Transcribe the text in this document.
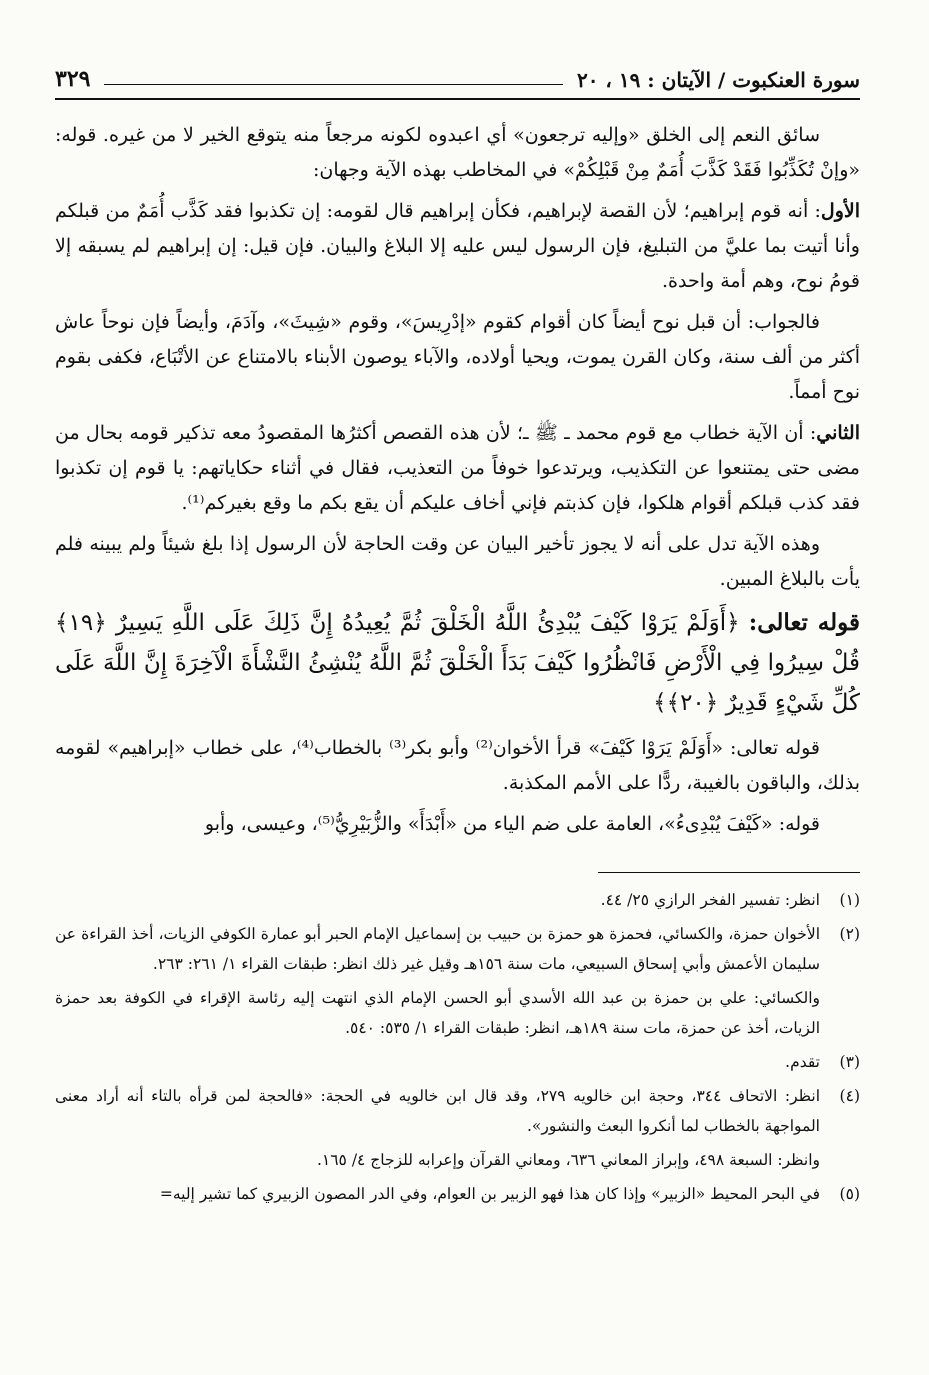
سورة العنكبوت / الآيتان : ١٩ ، ٢٠
٣٢٩

سائق النعم إلى الخلق «وإليه ترجعون» أي اعبدوه لكونه مرجعاً منه يتوقع الخير لا من غيره. قوله: «وإنْ تُكَذِّبُوا فَقَدْ كَذَّبَ أُمَمٌ مِنْ قَبْلِكُمْ» في المخاطب بهذه الآية وجهان:

الأول: أنه قوم إبراهيم؛ لأن القصة لإبراهيم، فكأن إبراهيم قال لقومه: إن تكذبوا فقد كَذَّب أُمَمٌ من قبلكم وأنا أتيت بما عليَّ من التبليغ، فإن الرسول ليس عليه إلا البلاغ والبيان. فإن قيل: إن إبراهيم لم يسبقه إلا قومُ نوح، وهم أمة واحدة.

فالجواب: أن قبل نوح أيضاً كان أقوام كقوم «إدْرِيسَ»، وقوم «شِيثَ»، وآدَمَ، وأيضاً فإن نوحاً عاش أكثر من ألف سنة، وكان القرن يموت، ويحيا أولاده، والآباء يوصون الأبناء بالامتناع عن الأتْبَاع، فكفى بقوم نوح أمماً.

الثاني: أن الآية خطاب مع قوم محمد ـ ﷺ ـ؛ لأن هذه القصص أكثرُها المقصودُ معه تذكير قومه بحال من مضى حتى يمتنعوا عن التكذيب، ويرتدعوا خوفاً من التعذيب، فقال في أثناء حكاياتهم: يا قوم إن تكذبوا فقد كذب قبلكم أقوام هلكوا، فإن كذبتم فإني أخاف عليكم أن يقع بكم ما وقع بغيركم⁽¹⁾.

وهذه الآية تدل على أنه لا يجوز تأخير البيان عن وقت الحاجة لأن الرسول إذا بلغ شيئاً ولم يبينه فلم يأت بالبلاغ المبين.

قوله تعالى: ﴿أَوَلَمْ يَرَوْا كَيْفَ يُبْدِئُ اللَّهُ الْخَلْقَ ثُمَّ يُعِيدُهُ إِنَّ ذَلِكَ عَلَى اللَّهِ يَسِيرٌ ﴿١٩﴾ قُلْ سِيرُوا فِي الْأَرْضِ فَانْظُرُوا كَيْفَ بَدَأَ الْخَلْقَ ثُمَّ اللَّهُ يُنْشِئُ النَّشْأَةَ الْآخِرَةَ إِنَّ اللَّهَ عَلَى كُلِّ شَيْءٍ قَدِيرٌ ﴿٢٠﴾﴾

قوله تعالى: «أَوَلَمْ يَرَوْا كَيْفَ» قرأ الأخوان⁽²⁾ وأبو بكر⁽³⁾ بالخطاب⁽⁴⁾، على خطاب «إبراهيم» لقومه بذلك، والباقون بالغيبة، ردًّا على الأمم المكذبة.

قوله: «كَيْفَ يُبْدِىءُ»، العامة على ضم الياء من «أَبْدَأَ» والزُّبَيْرِيُّ⁽⁵⁾، وعيسى، وأبو

(١)
انظر: تفسير الفخر الرازي ٢٥/ ٤٤.
(٢)
الأخوان حمزة، والكسائي، فحمزة هو حمزة بن حبيب بن إسماعيل الإمام الحبر أبو عمارة الكوفي الزيات، أخذ القراءة عن سليمان الأعمش وأبي إسحاق السبيعي، مات سنة ١٥٦هـ وقيل غير ذلك انظر: طبقات القراء ١/ ٢٦١: ٢٦٣.
والكسائي: علي بن حمزة بن عبد الله الأسدي أبو الحسن الإمام الذي انتهت إليه رئاسة الإقراء في الكوفة بعد حمزة الزيات، أخذ عن حمزة، مات سنة ١٨٩هـ، انظر: طبقات القراء ١/ ٥٣٥: ٥٤٠.
(٣)
تقدم.
(٤)
انظر: الاتحاف ٣٤٤، وحجة ابن خالويه ٢٧٩، وقد قال ابن خالويه في الحجة: «فالحجة لمن قرأه بالتاء أنه أراد معنى المواجهة بالخطاب لما أنكروا البعث والنشور».
وانظر: السبعة ٤٩٨، وإبراز المعاني ٦٣٦، ومعاني القرآن وإعرابه للزجاج ٤/ ١٦٥.
(٥)
في البحر المحيط «الزبير» وإذا كان هذا فهو الزبير بن العوام، وفي الدر المصون الزبيري كما تشير إليه=
